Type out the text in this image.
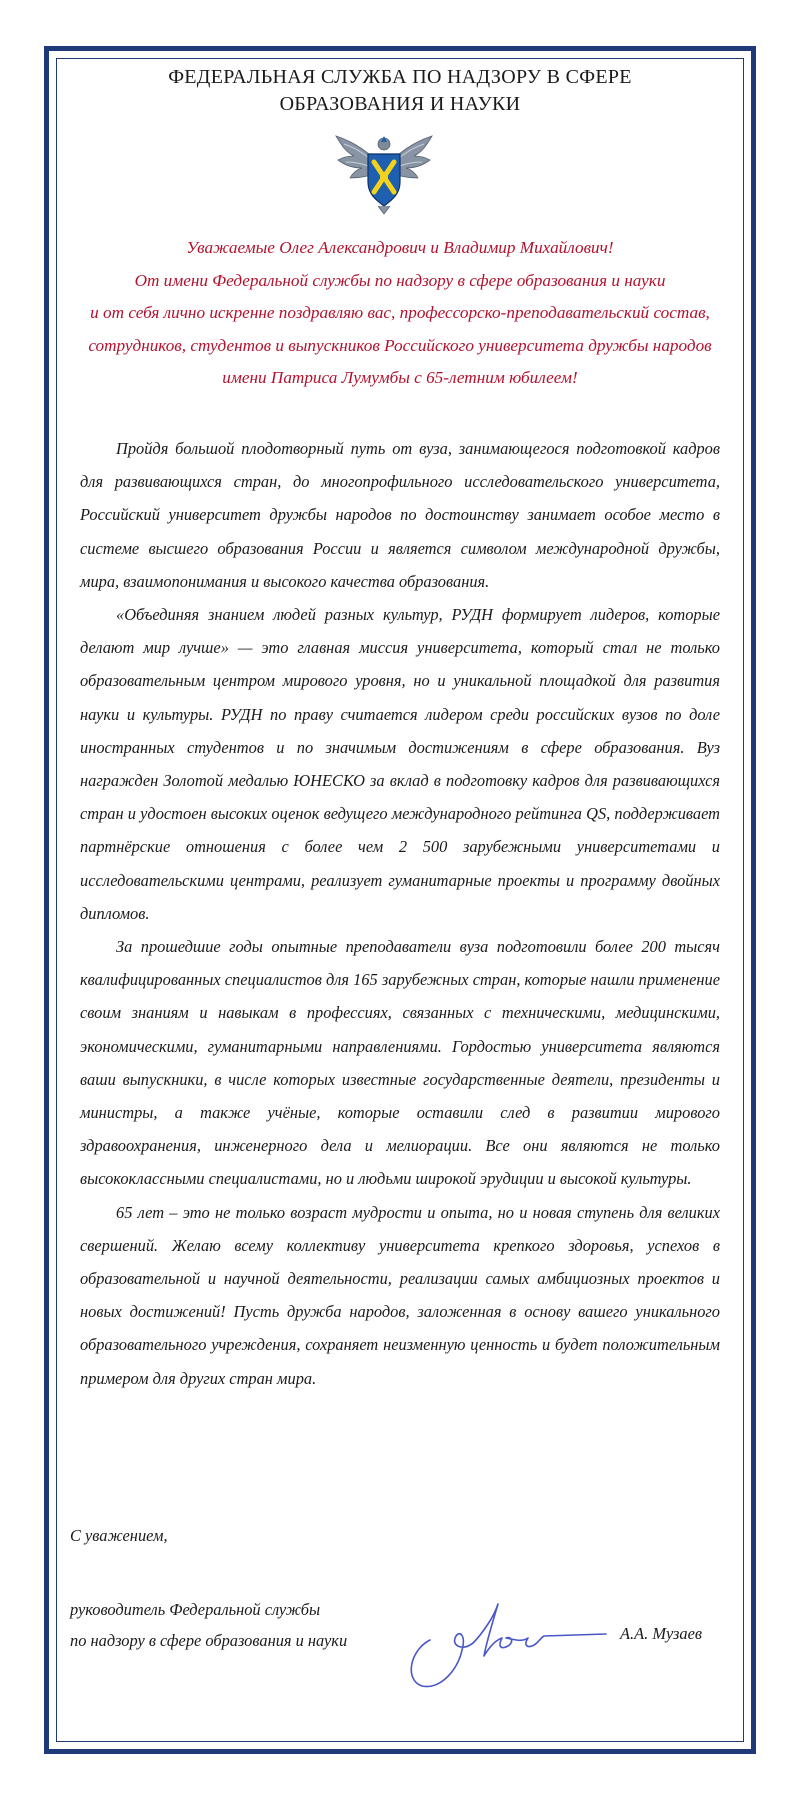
ФЕДЕРАЛЬНАЯ СЛУЖБА ПО НАДЗОРУ В СФЕРЕ
ОБРАЗОВАНИЯ И НАУКИ
Уважаемые Олег Александрович и Владимир Михайлович!
От имени Федеральной службы по надзору в сфере образования и науки
и от себя лично искренне поздравляю вас, профессорско-преподавательский состав,
сотрудников, студентов и выпускников Российского университета дружбы народов
имени Патриса Лумумбы с 65-летним юбилеем!

Пройдя большой плодотворный путь от вуза, занимающегося подготовкой кадров для развивающихся стран, до многопрофильного исследовательского университета, Российский университет дружбы народов по достоинству занимает особое место в системе высшего образования России и является символом международной дружбы, мира, взаимопонимания и высокого качества образования.

«Объединяя знанием людей разных культур, РУДН формирует лидеров, которые делают мир лучше» — это главная миссия университета, который стал не только образовательным центром мирового уровня, но и уникальной площадкой для развития науки и культуры. РУДН по праву считается лидером среди российских вузов по доле иностранных студентов и по значимым достижениям в сфере образования. Вуз награжден Золотой медалью ЮНЕСКО за вклад в подготовку кадров для развивающихся стран и удостоен высоких оценок ведущего международного рейтинга QS, поддерживает партнёрские отношения с более чем 2 500 зарубежными университетами и исследовательскими центрами, реализует гуманитарные проекты и программу двойных дипломов.

За прошедшие годы опытные преподаватели вуза подготовили более 200 тысяч квалифицированных специалистов для 165 зарубежных стран, которые нашли применение своим знаниям и навыкам в профессиях, связанных с техническими, медицинскими, экономическими, гуманитарными направлениями. Гордостью университета являются ваши выпускники, в числе которых известные государственные деятели, президенты и министры, а также учёные, которые оставили след в развитии мирового здравоохранения, инженерного дела и мелиорации. Все они являются не только высококлассными специалистами, но и людьми широкой эрудиции и высокой культуры.

65 лет – это не только возраст мудрости и опыта, но и новая ступень для великих свершений. Желаю всему коллективу университета крепкого здоровья, успехов в образовательной и научной деятельности, реализации самых амбициозных проектов и новых достижений! Пусть дружба народов, заложенная в основу вашего уникального образовательного учреждения, сохраняет неизменную ценность и будет положительным примером для других стран мира.

С уважением,
руководитель Федеральной службы
по надзору в сфере образования и науки	А.А. Музаев
